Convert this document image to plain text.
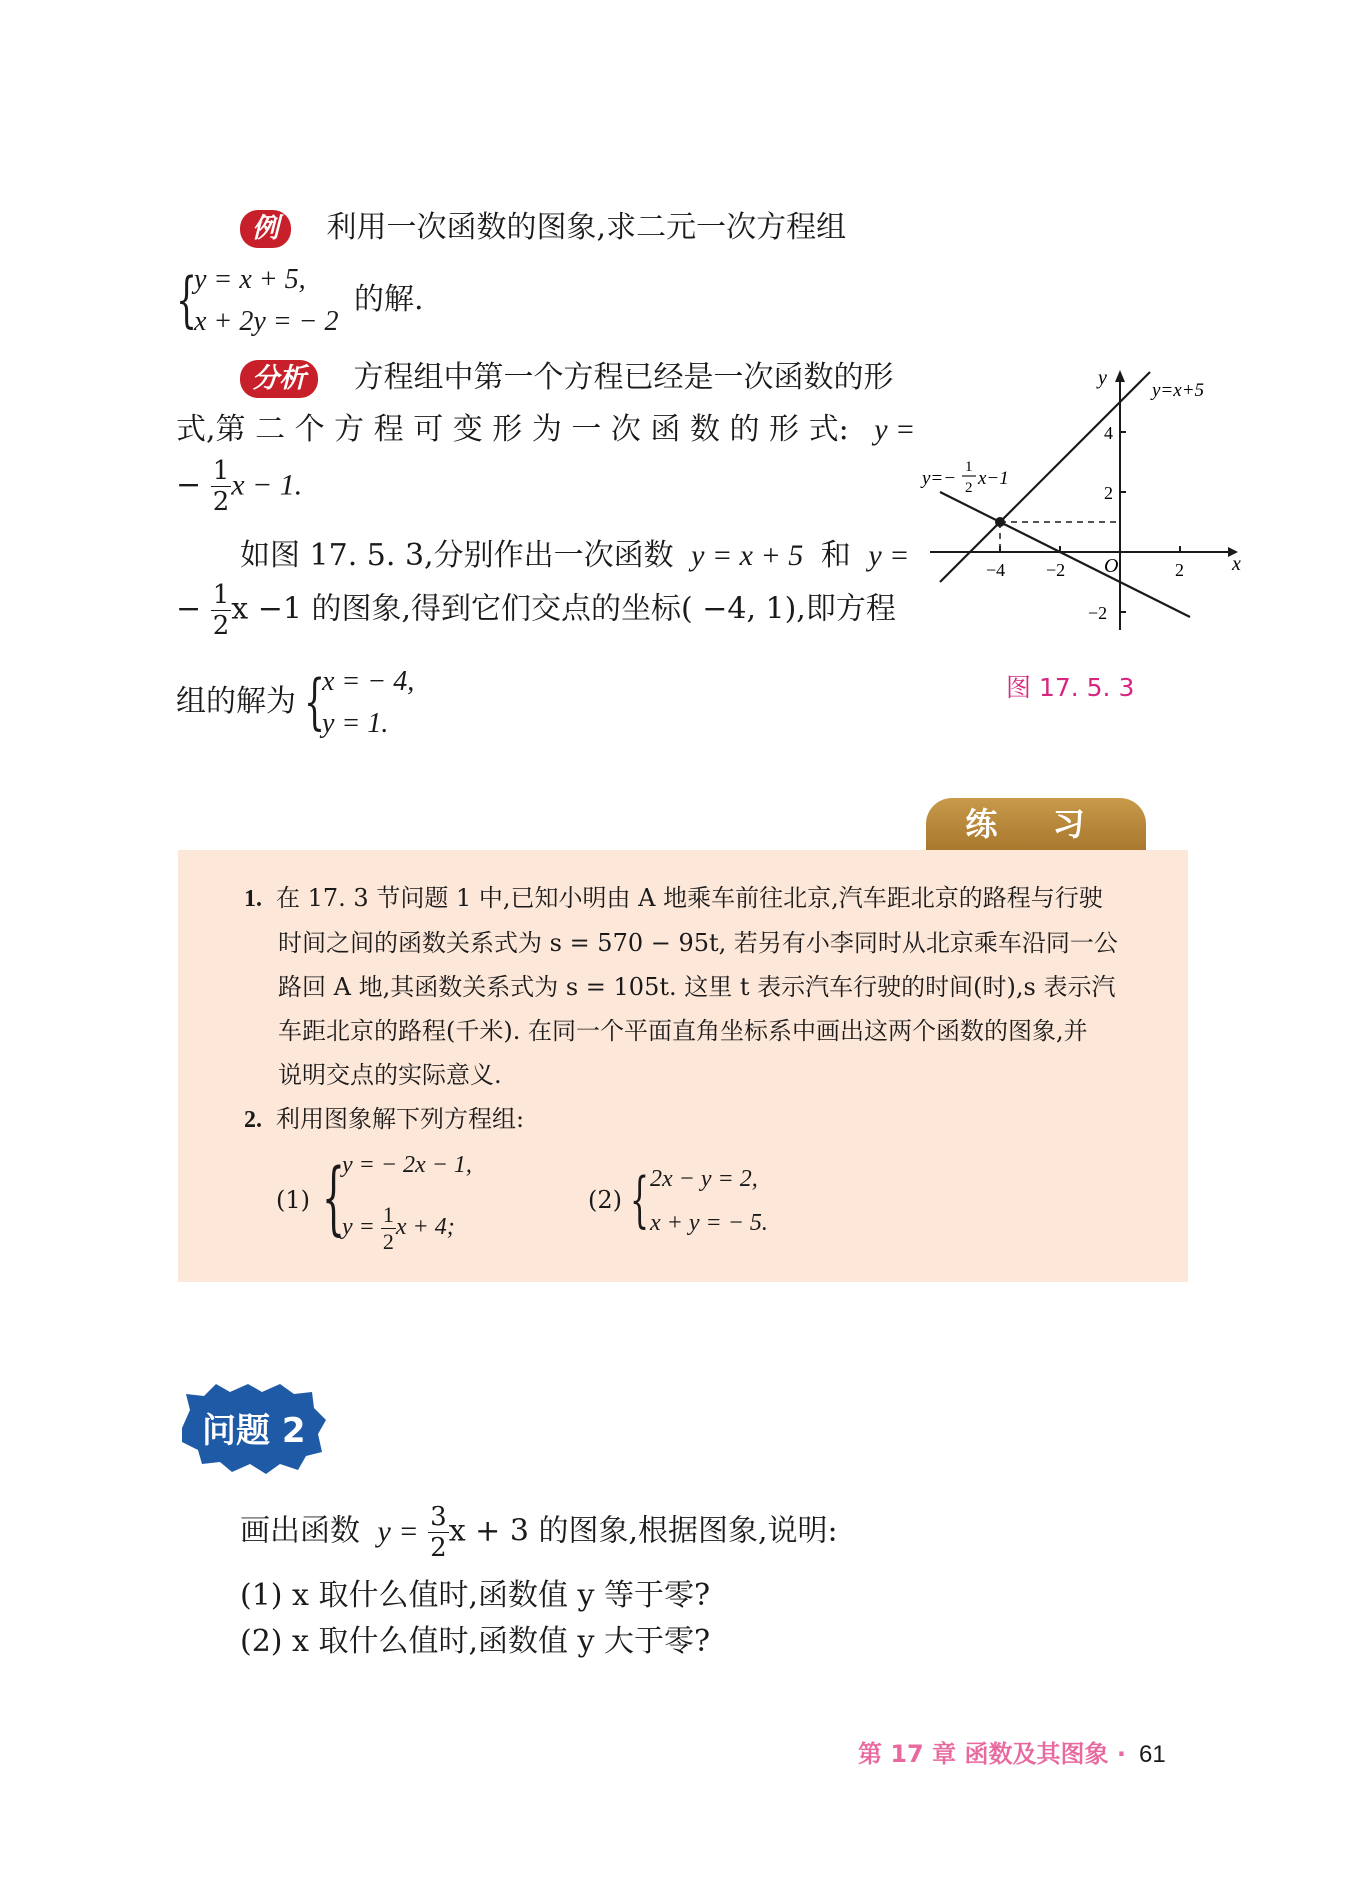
例 利用一次函数的图象,求二元一次方程组
{
y = x + 5,
x + 2y = − 2
的解.
分析 方程组中第一个方程已经是一次函数的形
式,第 二 个 方 程 可 变 形 为 一 次 函 数 的 形 式: y =
− $\frac{1}{2}$ x − 1.
如图 17. 5. 3,分别作出一次函数 y = x + 5 和 y =
− $\frac{1}{2}$ x −1 的图象,得到它们交点的坐标( −4, 1),即方程
组的解为 {
x = − 4,
y = 1.
y
x
O
−4 −2	2
4
2
−2
y=x+5
y=−
1
2 x−1
图 17. 5. 3
练 习
1. 在 17. 3 节问题 1 中,已知小明由 A 地乘车前往北京,汽车距北京的路程与行驶
时间之间的函数关系式为 s = 570 − 95t, 若另有小李同时从北京乘车沿同一公
路回 A 地,其函数关系式为 s = 105t. 这里 t 表示汽车行驶的时间(时),s 表示汽
车距北京的路程(千米). 在同一个平面直角坐标系中画出这两个函数的图象,并
说明交点的实际意义.
2. 利用图象解下列方程组:
(1) {
y = − 2x − 1,
$y = \frac{1}{2}$ x + 4;
(2) { 2x − y = 2,
x + y = − 5.
问题 2
画出函数 $y = \frac{3}{2}$ x + 3 的图象,根据图象,说明:
(1) x 取什么值时,函数值 y 等于零?
(2) x 取什么值时,函数值 y 大于零?
第 17 章 函数及其图象 · 61
